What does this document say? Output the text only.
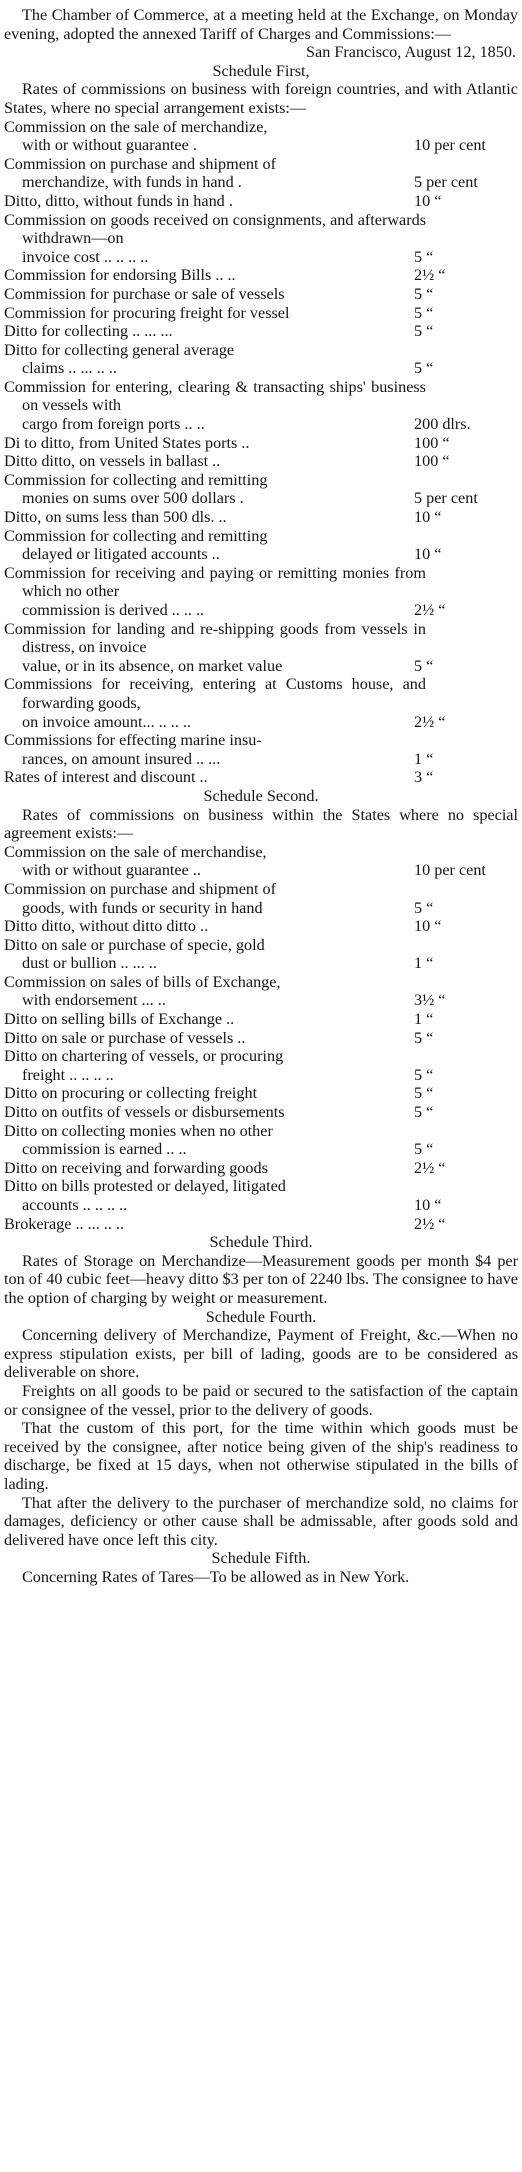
The Chamber of Commerce, at a meeting held at the Exchange, on Monday evening, adopted the annexed Tariff of Charges and Commissions:—

San Francisco, August 12, 1850.
Schedule First,

Rates of commissions on business with foreign countries, and with Atlantic States, where no special arrangement exists:—

Commission on the sale of merchandize,
with or without guarantee .	10 per cent
Commission on purchase and shipment of
merchandize, with funds in hand .	5 per cent
Ditto, ditto, without funds in hand .	10 “
Commission on goods received on consignments, and afterwards withdrawn—on
invoice cost .. .. .. ..	5 “
Commission for endorsing Bills .. ..	2½ “
Commission for purchase or sale of vessels	5 “
Commission for procuring freight for vessel	5 “
Ditto for collecting .. ... ...	5 “
Ditto for collecting general average
claims .. ... .. ..	5 “
Commission for entering, clearing & transacting ships' business on vessels with
cargo from foreign ports .. ..	200 dlrs.
Di to ditto, from United States ports ..	100 “
Ditto ditto, on vessels in ballast ..	100 “
Commission for collecting and remitting
monies on sums over 500 dollars .	5 per cent
Ditto, on sums less than 500 dls. ..	10 “
Commission for collecting and remitting
delayed or litigated accounts ..	10 “
Commission for receiving and paying or remitting monies from which no other
commission is derived .. .. ..	2½ “
Commission for landing and re-shipping goods from vessels in distress, on invoice
value, or in its absence, on market value	5 “
Commissions for receiving, entering at Customs house, and forwarding goods,
on invoice amount... .. .. ..	2½ “
Commissions for effecting marine insu-
rances, on amount insured .. ...	1 “
Rates of interest and discount ..	3 “
Schedule Second.

Rates of commissions on business within the States where no special agreement exists:—

Commission on the sale of merchandise,
with or without guarantee ..	10 per cent
Commission on purchase and shipment of
goods, with funds or security in hand	5 “
Ditto ditto, without ditto ditto ..	10 “
Ditto on sale or purchase of specie, gold
dust or bullion .. ... ..	1 “
Commission on sales of bills of Exchange,
with endorsement ... ..	3½ “
Ditto on selling bills of Exchange ..	1 “
Ditto on sale or purchase of vessels ..	5 “
Ditto on chartering of vessels, or procuring
freight .. .. .. ..	5 “
Ditto on procuring or collecting freight	5 “
Ditto on outfits of vessels or disbursements	5 “
Ditto on collecting monies when no other
commission is earned .. ..	5 “
Ditto on receiving and forwarding goods	2½ “
Ditto on bills protested or delayed, litigated
accounts .. .. .. ..	10 “
Brokerage .. ... .. ..	2½ “
Schedule Third.

Rates of Storage on Merchandize—Measurement goods per month $4 per ton of 40 cubic feet—heavy ditto $3 per ton of 2240 lbs. The consignee to have the option of charging by weight or measurement.

Schedule Fourth.

Concerning delivery of Merchandize, Payment of Freight, &c.—When no express stipulation exists, per bill of lading, goods are to be considered as deliverable on shore.

Freights on all goods to be paid or secured to the satisfaction of the captain or consignee of the vessel, prior to the delivery of goods.

That the custom of this port, for the time within which goods must be received by the consignee, after notice being given of the ship's readiness to discharge, be fixed at 15 days, when not otherwise stipulated in the bills of lading.

That after the delivery to the purchaser of merchandize sold, no claims for damages, deficiency or other cause shall be admissable, after goods sold and delivered have once left this city.

Schedule Fifth.

Concerning Rates of Tares—To be allowed as in New York.
